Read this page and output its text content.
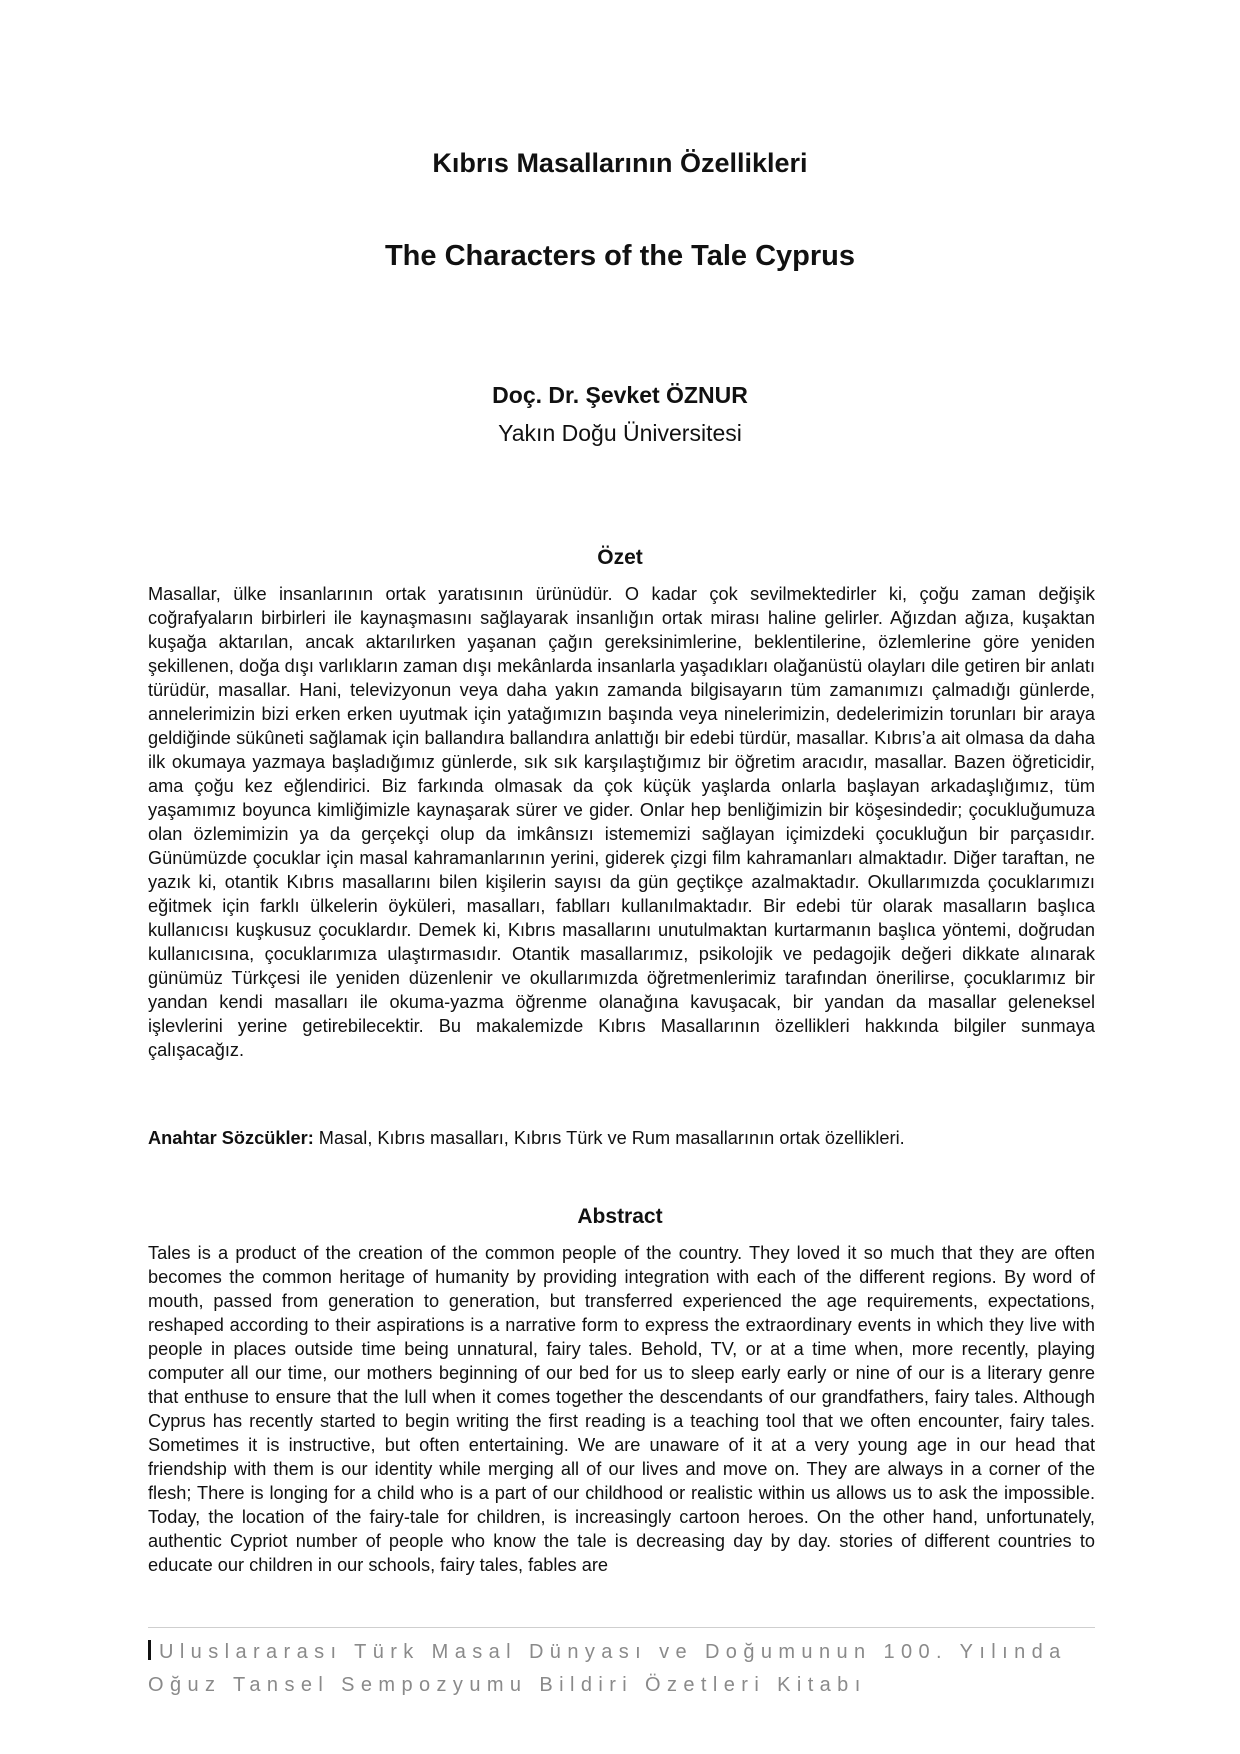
Kıbrıs Masallarının Özellikleri
The Characters of the Tale Cyprus
Doç. Dr. Şevket ÖZNUR
Yakın Doğu Üniversitesi
Özet

Masallar, ülke insanlarının ortak yaratısının ürünüdür. O kadar çok sevilmektedirler ki, çoğu zaman değişik coğrafyaların birbirleri ile kaynaşmasını sağlayarak insanlığın ortak mirası haline gelirler. Ağızdan ağıza, kuşaktan kuşağa aktarılan, ancak aktarılırken yaşanan çağın gereksinimlerine, beklentilerine, özlemlerine göre yeniden şekillenen, doğa dışı varlıkların zaman dışı mekânlarda insanlarla yaşadıkları olağanüstü olayları dile getiren bir anlatı türüdür, masallar. Hani, televizyonun veya daha yakın zamanda bilgisayarın tüm zamanımızı çalmadığı günlerde, annelerimizin bizi erken erken uyutmak için yatağımızın başında veya ninelerimizin, dedelerimizin torunları bir araya geldiğinde sükûneti sağlamak için ballandıra ballandıra anlattığı bir edebi türdür, masallar. Kıbrıs’a ait olmasa da daha ilk okumaya yazmaya başladığımız günlerde, sık sık karşılaştığımız bir öğretim aracıdır, masallar. Bazen öğreticidir, ama çoğu kez eğlendirici. Biz farkında olmasak da çok küçük yaşlarda onlarla başlayan arkadaşlığımız, tüm yaşamımız boyunca kimliğimizle kaynaşarak sürer ve gider. Onlar hep benliğimizin bir köşesindedir; çocukluğumuza olan özlemimizin ya da gerçekçi olup da imkânsızı istememizi sağlayan içimizdeki çocukluğun bir parçasıdır. Günümüzde çocuklar için masal kahramanlarının yerini, giderek çizgi film kahramanları almaktadır. Diğer taraftan, ne yazık ki, otantik Kıbrıs masallarını bilen kişilerin sayısı da gün geçtikçe azalmaktadır. Okullarımızda çocuklarımızı eğitmek için farklı ülkelerin öyküleri, masalları, fablları kullanılmaktadır. Bir edebi tür olarak masalların başlıca kullanıcısı kuşkusuz çocuklardır. Demek ki, Kıbrıs masallarını unutulmaktan kurtarmanın başlıca yöntemi, doğrudan kullanıcısına, çocuklarımıza ulaştırmasıdır. Otantik masallarımız, psikolojik ve pedagojik değeri dikkate alınarak günümüz Türkçesi ile yeniden düzenlenir ve okullarımızda öğretmenlerimiz tarafından önerilirse, çocuklarımız bir yandan kendi masalları ile okuma-yazma öğrenme olanağına kavuşacak, bir yandan da masallar geleneksel işlevlerini yerine getirebilecektir. Bu makalemizde Kıbrıs Masallarının özellikleri hakkında bilgiler sunmaya çalışacağız.

Anahtar Sözcükler: Masal, Kıbrıs masalları, Kıbrıs Türk ve Rum masallarının ortak özellikleri.

Abstract

Tales is a product of the creation of the common people of the country. They loved it so much that they are often becomes the common heritage of humanity by providing integration with each of the different regions. By word of mouth, passed from generation to generation, but transferred experienced the age requirements, expectations, reshaped according to their aspirations is a narrative form to express the extraordinary events in which they live with people in places outside time being unnatural, fairy tales. Behold, TV, or at a time when, more recently, playing computer all our time, our mothers beginning of our bed for us to sleep early early or nine of our is a literary genre that enthuse to ensure that the lull when it comes together the descendants of our grandfathers, fairy tales. Although Cyprus has recently started to begin writing the first reading is a teaching tool that we often encounter, fairy tales. Sometimes it is instructive, but often entertaining. We are unaware of it at a very young age in our head that friendship with them is our identity while merging all of our lives and move on. They are always in a corner of the flesh; There is longing for a child who is a part of our childhood or realistic within us allows us to ask the impossible. Today, the location of the fairy-tale for children, is increasingly cartoon heroes. On the other hand, unfortunately, authentic Cypriot number of people who know the tale is decreasing day by day. stories of different countries to educate our children in our schools, fairy tales, fables are

Uluslararası Türk Masal Dünyası ve Doğumunun 100. Yılında
Oğuz Tansel Sempozyumu Bildiri Özetleri Kitabı
